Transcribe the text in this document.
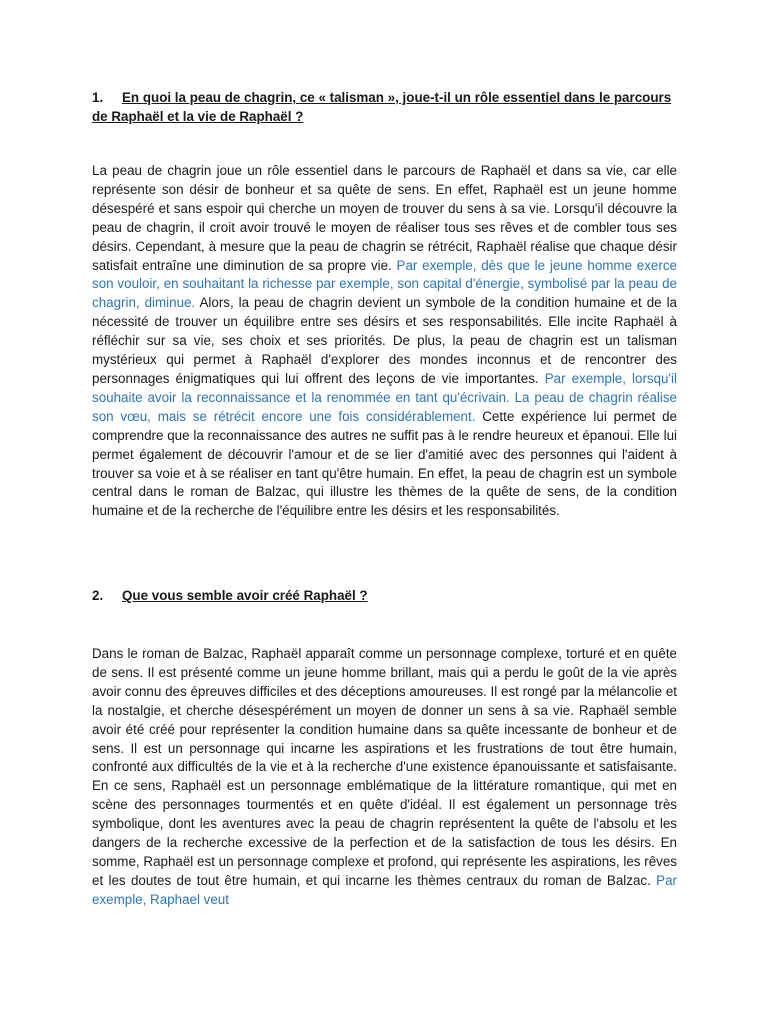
1. En quoi la peau de chagrin, ce « talisman », joue-t-il un rôle essentiel dans le parcours de Raphaël et la vie de Raphaël ?

La peau de chagrin joue un rôle essentiel dans le parcours de Raphaël et dans sa vie, car elle représente son désir de bonheur et sa quête de sens. En effet, Raphaël est un jeune homme désespéré et sans espoir qui cherche un moyen de trouver du sens à sa vie. Lorsqu'il découvre la peau de chagrin, il croit avoir trouvé le moyen de réaliser tous ses rêves et de combler tous ses désirs. Cependant, à mesure que la peau de chagrin se rétrécit, Raphaël réalise que chaque désir satisfait entraîne une diminution de sa propre vie. Par exemple, dès que le jeune homme exerce son vouloir, en souhaitant la richesse par exemple, son capital d'énergie, symbolisé par la peau de chagrin, diminue. Alors, la peau de chagrin devient un symbole de la condition humaine et de la nécessité de trouver un équilibre entre ses désirs et ses responsabilités. Elle incite Raphaël à réfléchir sur sa vie, ses choix et ses priorités. De plus, la peau de chagrin est un talisman mystérieux qui permet à Raphaël d'explorer des mondes inconnus et de rencontrer des personnages énigmatiques qui lui offrent des leçons de vie importantes. Par exemple, lorsqu'il souhaite avoir la reconnaissance et la renommée en tant qu'écrivain. La peau de chagrin réalise son vœu, mais se rétrécit encore une fois considérablement. Cette expérience lui permet de comprendre que la reconnaissance des autres ne suffit pas à le rendre heureux et épanoui. Elle lui permet également de découvrir l'amour et de se lier d'amitié avec des personnes qui l'aident à trouver sa voie et à se réaliser en tant qu'être humain. En effet, la peau de chagrin est un symbole central dans le roman de Balzac, qui illustre les thèmes de la quête de sens, de la condition humaine et de la recherche de l'équilibre entre les désirs et les responsabilités.

2. Que vous semble avoir créé Raphaël ?

Dans le roman de Balzac, Raphaël apparaît comme un personnage complexe, torturé et en quête de sens. Il est présenté comme un jeune homme brillant, mais qui a perdu le goût de la vie après avoir connu des épreuves difficiles et des déceptions amoureuses. Il est rongé par la mélancolie et la nostalgie, et cherche désespérément un moyen de donner un sens à sa vie. Raphaël semble avoir été créé pour représenter la condition humaine dans sa quête incessante de bonheur et de sens. Il est un personnage qui incarne les aspirations et les frustrations de tout être humain, confronté aux difficultés de la vie et à la recherche d'une existence épanouissante et satisfaisante. En ce sens, Raphaël est un personnage emblématique de la littérature romantique, qui met en scène des personnages tourmentés et en quête d'idéal. Il est également un personnage très symbolique, dont les aventures avec la peau de chagrin représentent la quête de l'absolu et les dangers de la recherche excessive de la perfection et de la satisfaction de tous les désirs. En somme, Raphaël est un personnage complexe et profond, qui représente les aspirations, les rêves et les doutes de tout être humain, et qui incarne les thèmes centraux du roman de Balzac. Par exemple, Raphael veut
